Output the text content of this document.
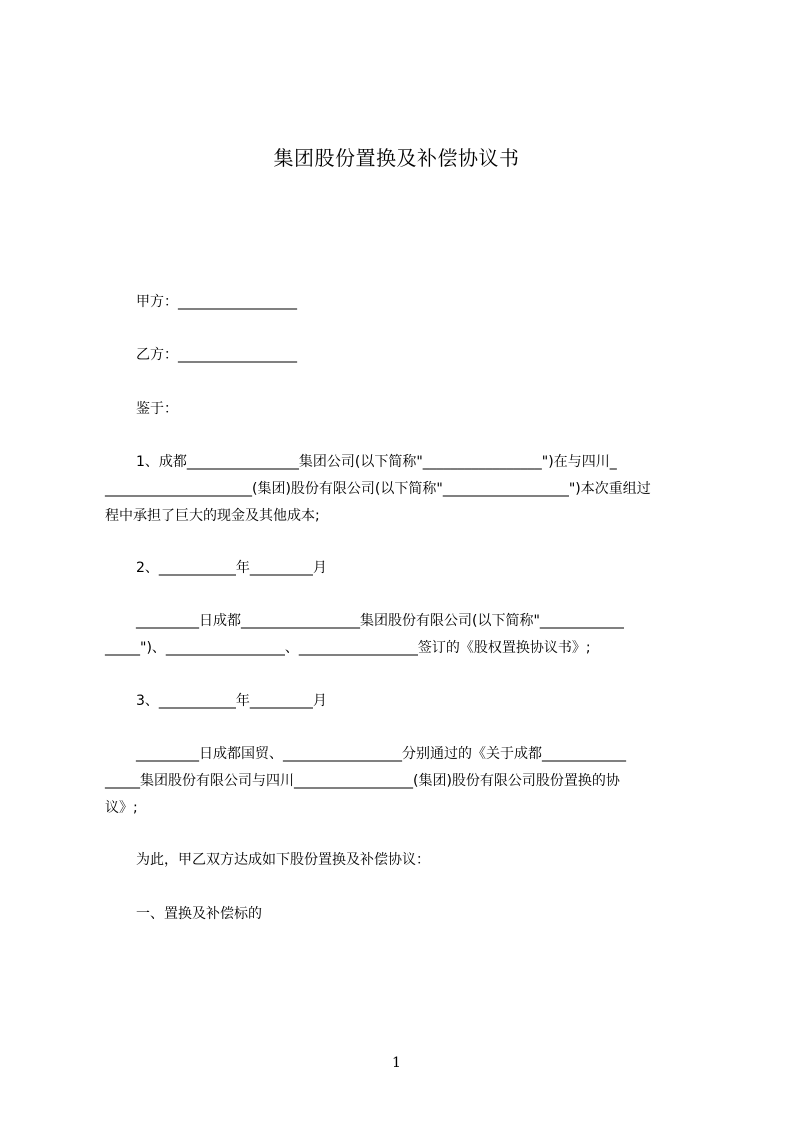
集团股份置换及补偿协议书
甲方：_________________
乙方：_________________
鉴于：
1、成都________________集团公司(以下简称"_________________")在与四川_
_____________________(集团)股份有限公司(以下简称"__________________")本次重组过
程中承担了巨大的现金及其他成本;
2、___________年_________月
_________日成都_________________集团股份有限公司(以下简称"____________
_____")、_________________、_________________签订的《股权置换协议书》;
3、___________年_________月
_________日成都国贸、_________________分别通过的《关于成都____________
_____集团股份有限公司与四川_________________(集团)股份有限公司股份置换的协
议》;
为此，甲乙双方达成如下股份置换及补偿协议：
一、置换及补偿标的
1
